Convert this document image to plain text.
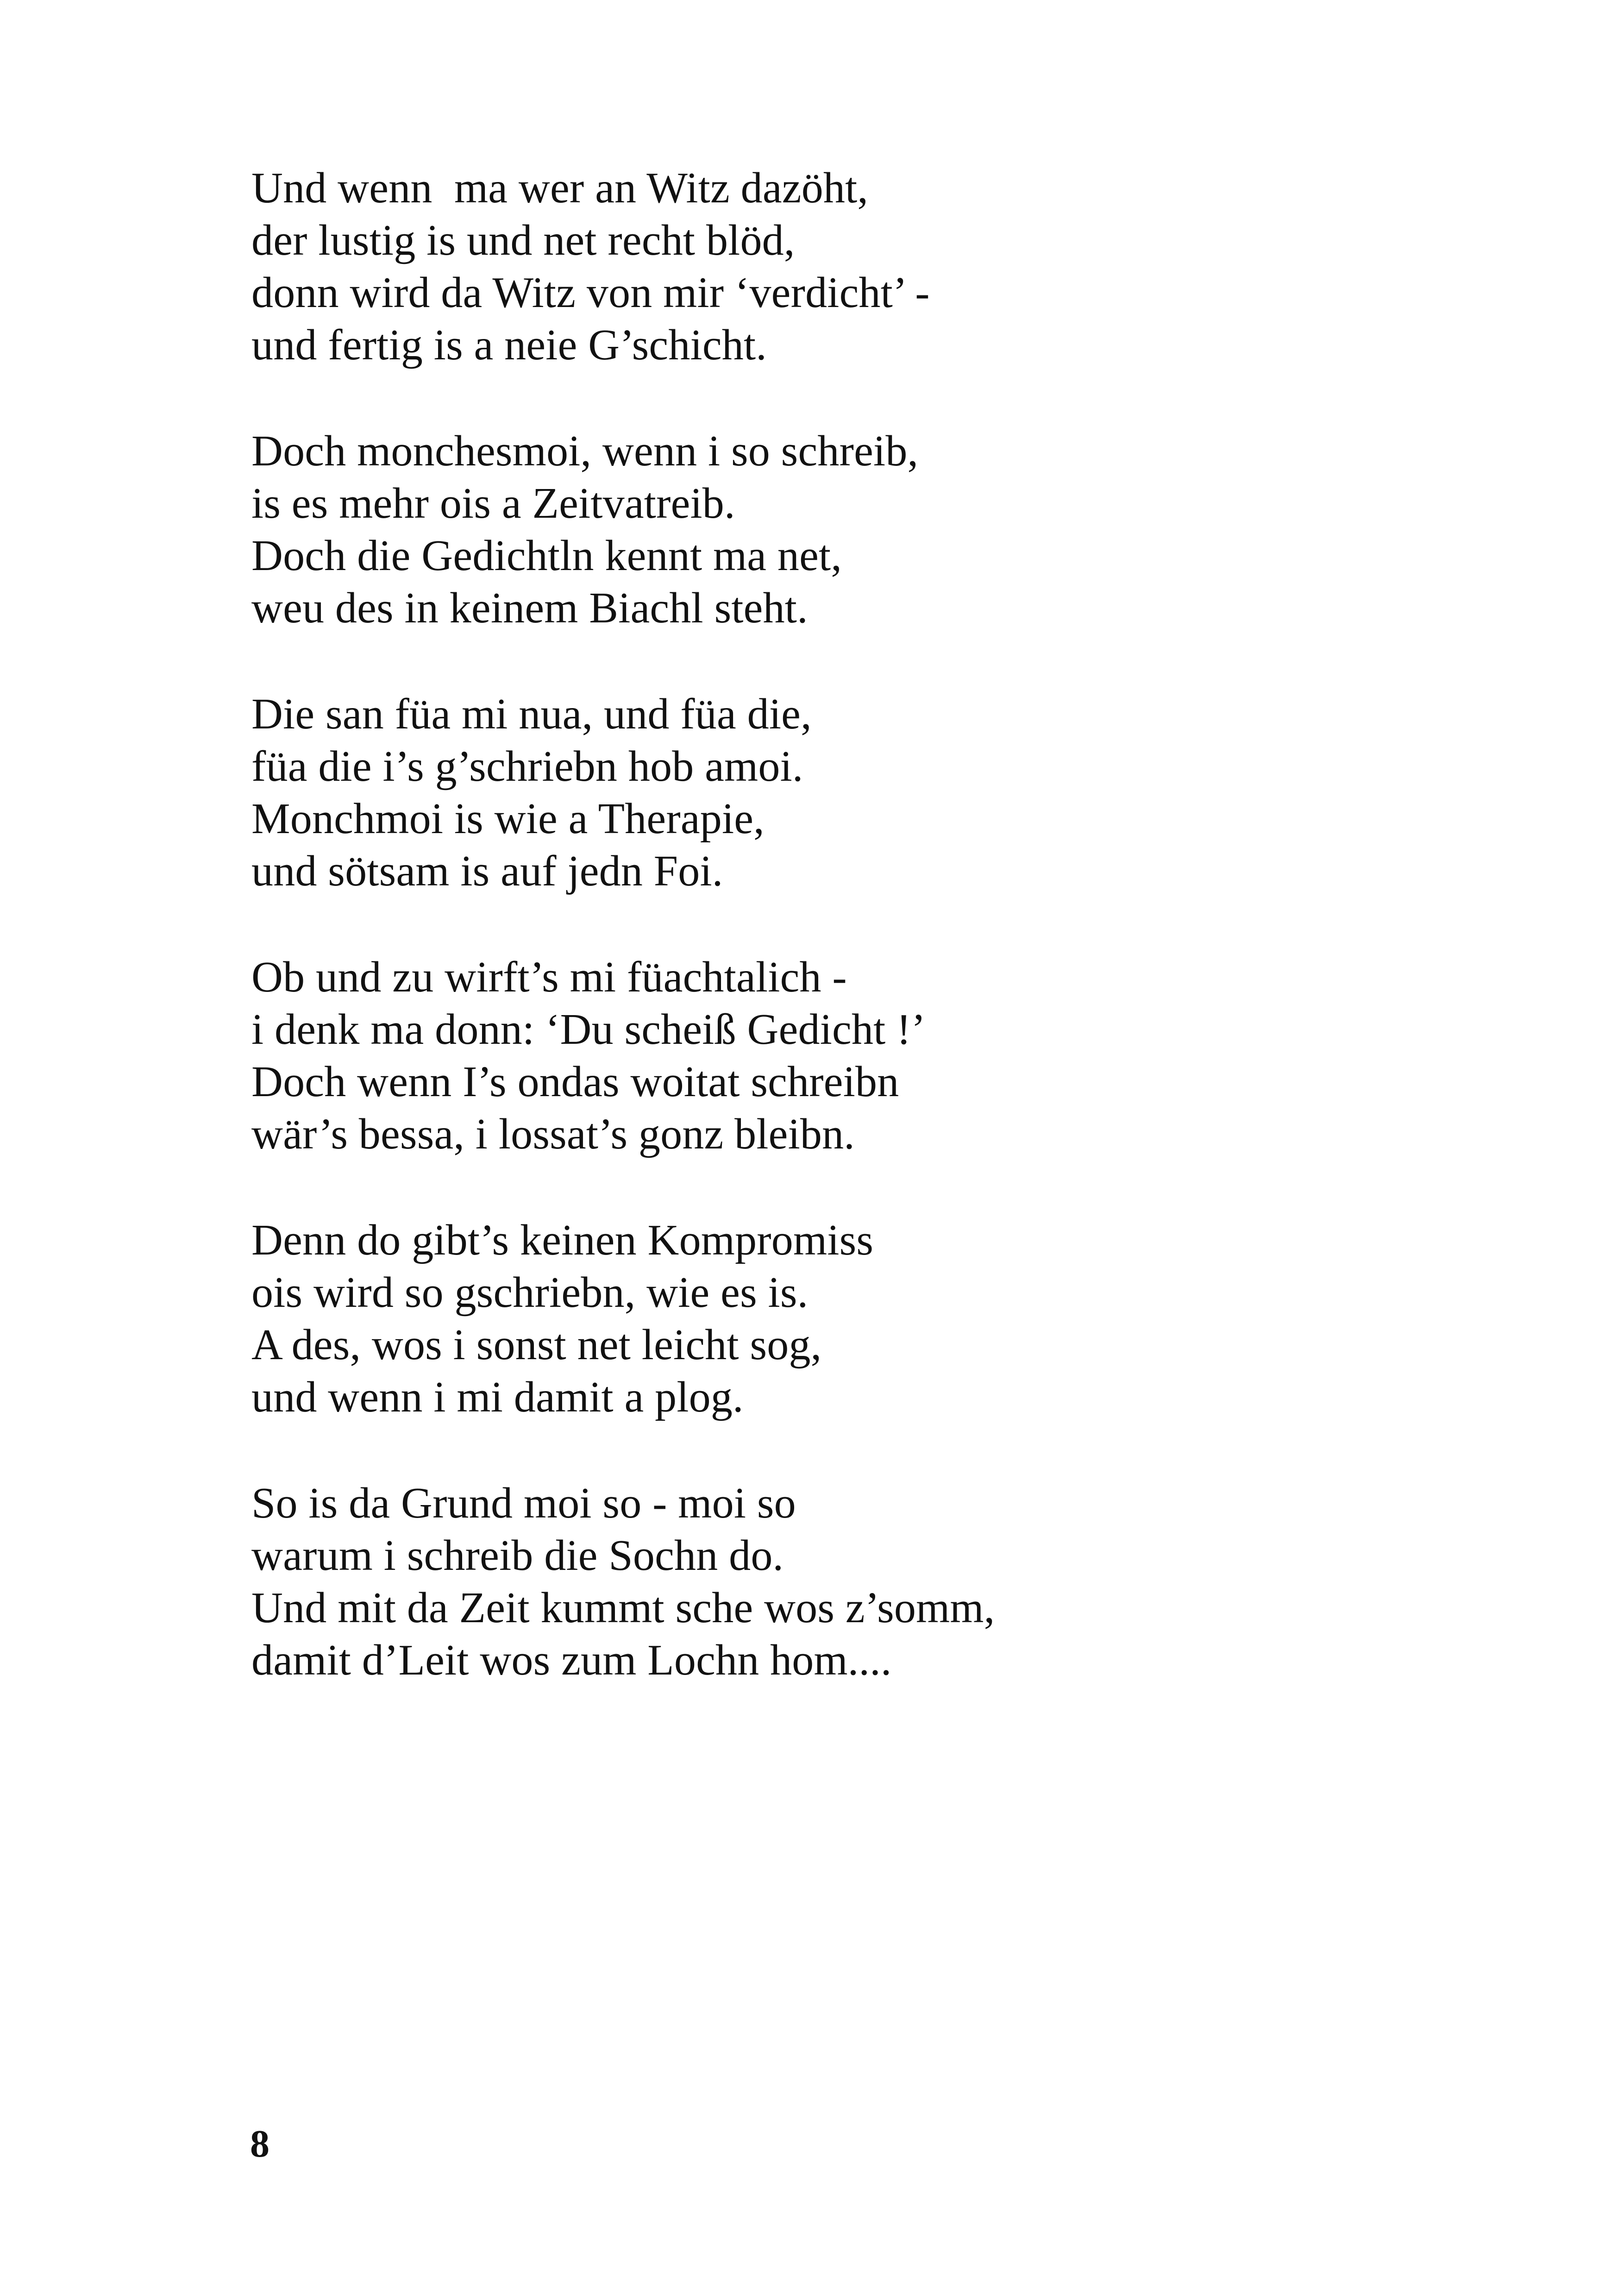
Und wenn  ma wer an Witz dazöht,
der lustig is und net recht blöd,
donn wird da Witz von mir ‘verdicht’ -
und fertig is a neie G’schicht.
Doch monchesmoi, wenn i so schreib,
is es mehr ois a Zeitvatreib.
Doch die Gedichtln kennt ma net,
weu des in keinem Biachl steht.
Die san füa mi nua, und füa die,
füa die i’s g’schriebn hob amoi.
Monchmoi is wie a Therapie,
und sötsam is auf jedn Foi.
Ob und zu wirft’s mi füachtalich -
i denk ma donn: ‘Du scheiß Gedicht !’
Doch wenn I’s ondas woitat schreibn
wär’s bessa, i lossat’s gonz bleibn.
Denn do gibt’s keinen Kompromiss
ois wird so gschriebn, wie es is.
A des, wos i sonst net leicht sog,
und wenn i mi damit a plog.
So is da Grund moi so - moi so
warum i schreib die Sochn do.
Und mit da Zeit kummt sche wos z’somm,
damit d’Leit wos zum Lochn hom....
8
